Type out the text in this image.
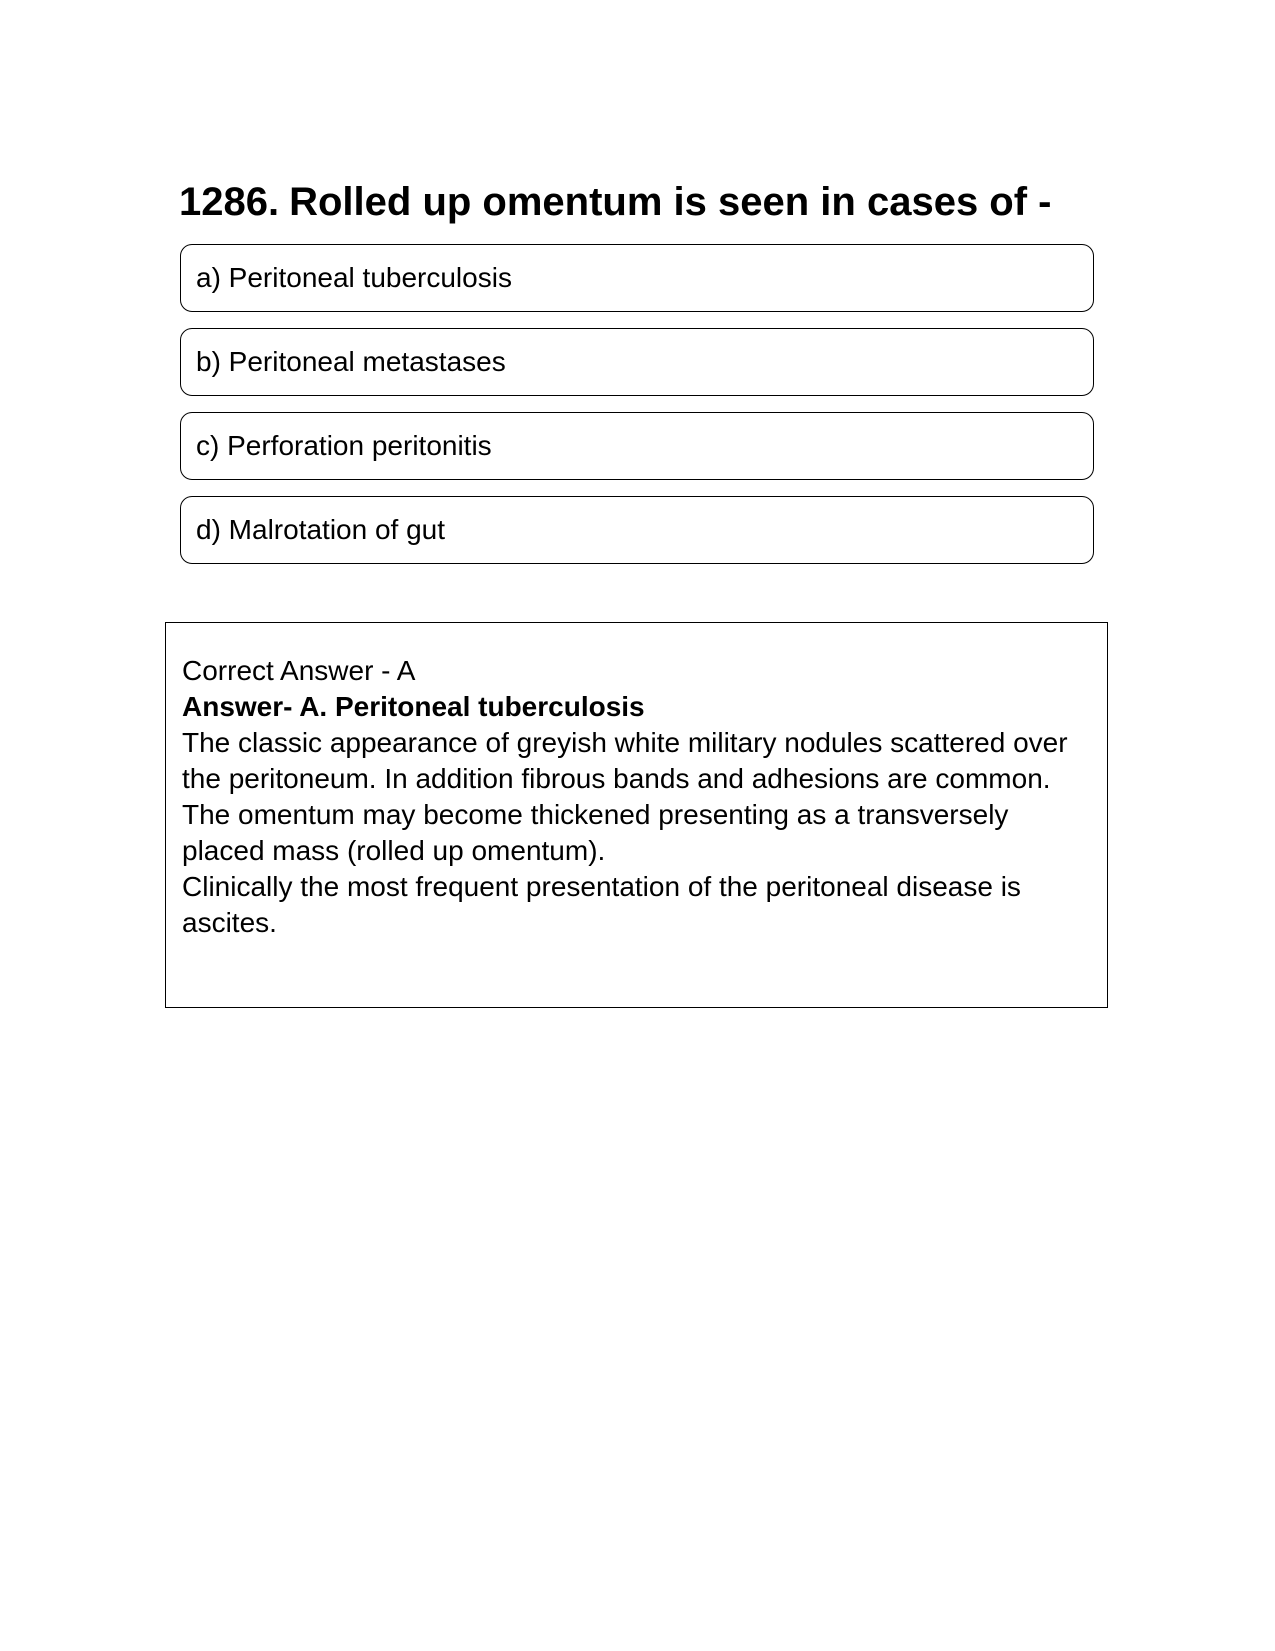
1286. Rolled up omentum is seen in cases of -
a) Peritoneal tuberculosis
b) Peritoneal metastases
c) Perforation peritonitis
d) Malrotation of gut

Correct Answer - A

Answer- A. Peritoneal tuberculosis

The classic appearance of greyish white military nodules scattered over the peritoneum. In addition fibrous bands and adhesions are common.

The omentum may become thickened presenting as a transversely placed mass (rolled up omentum).

Clinically the most frequent presentation of the peritoneal disease is ascites.
